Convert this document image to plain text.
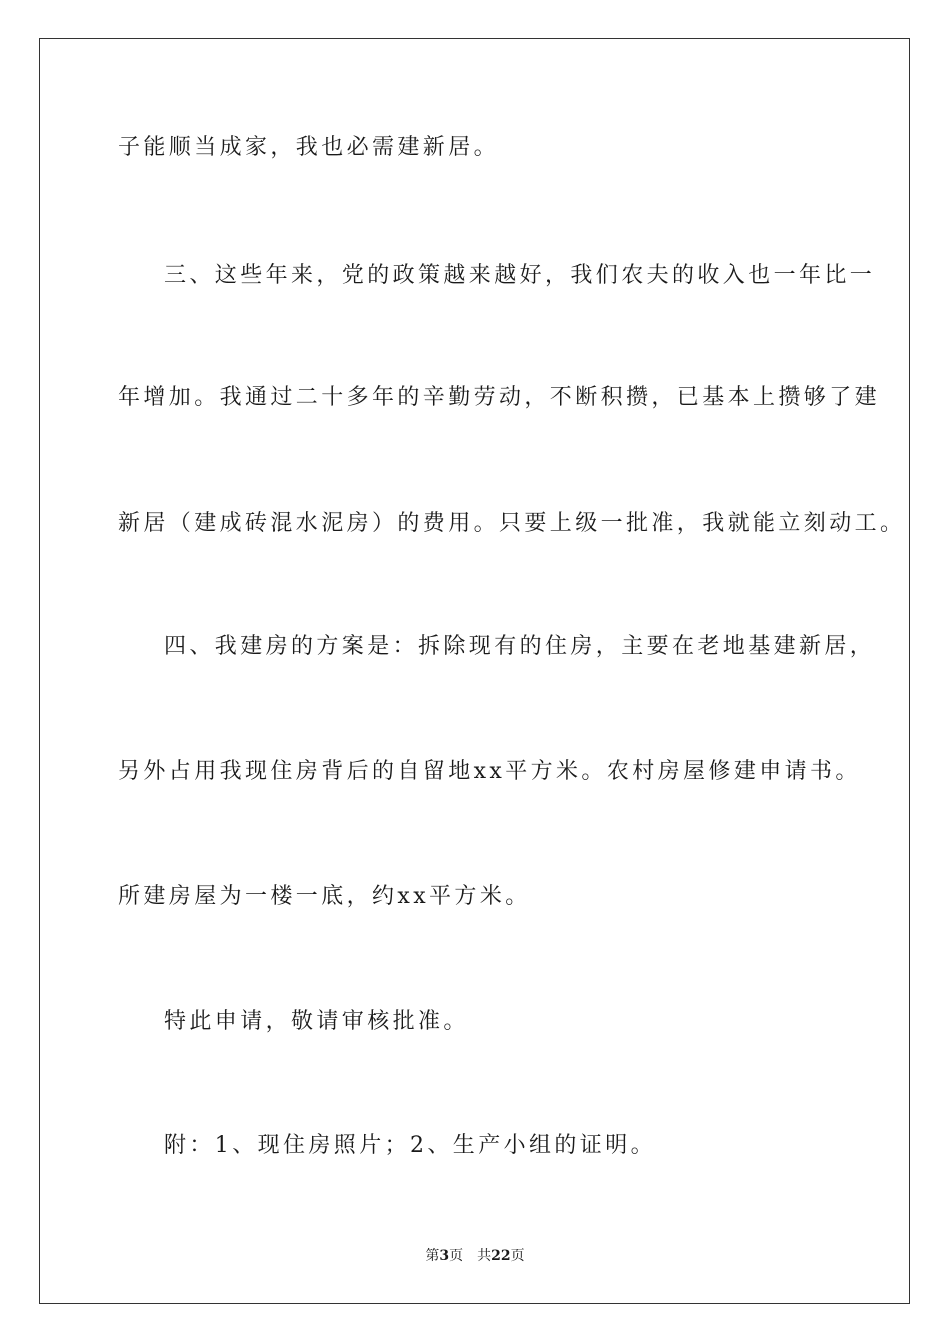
子能顺当成家，我也必需建新居。
三、这些年来，党的政策越来越好，我们农夫的收入也一年比一
年增加。我通过二十多年的辛勤劳动，不断积攒，已基本上攒够了建
新居（建成砖混水泥房）的费用。只要上级一批准，我就能立刻动工。
四、我建房的方案是：拆除现有的住房，主要在老地基建新居，
另外占用我现住房背后的自留地xx平方米。农村房屋修建申请书。
所建房屋为一楼一底，约xx平方米。
特此申请，敬请审核批准。
附：1、现住房照片；2、生产小组的证明。
第3页 共22页
